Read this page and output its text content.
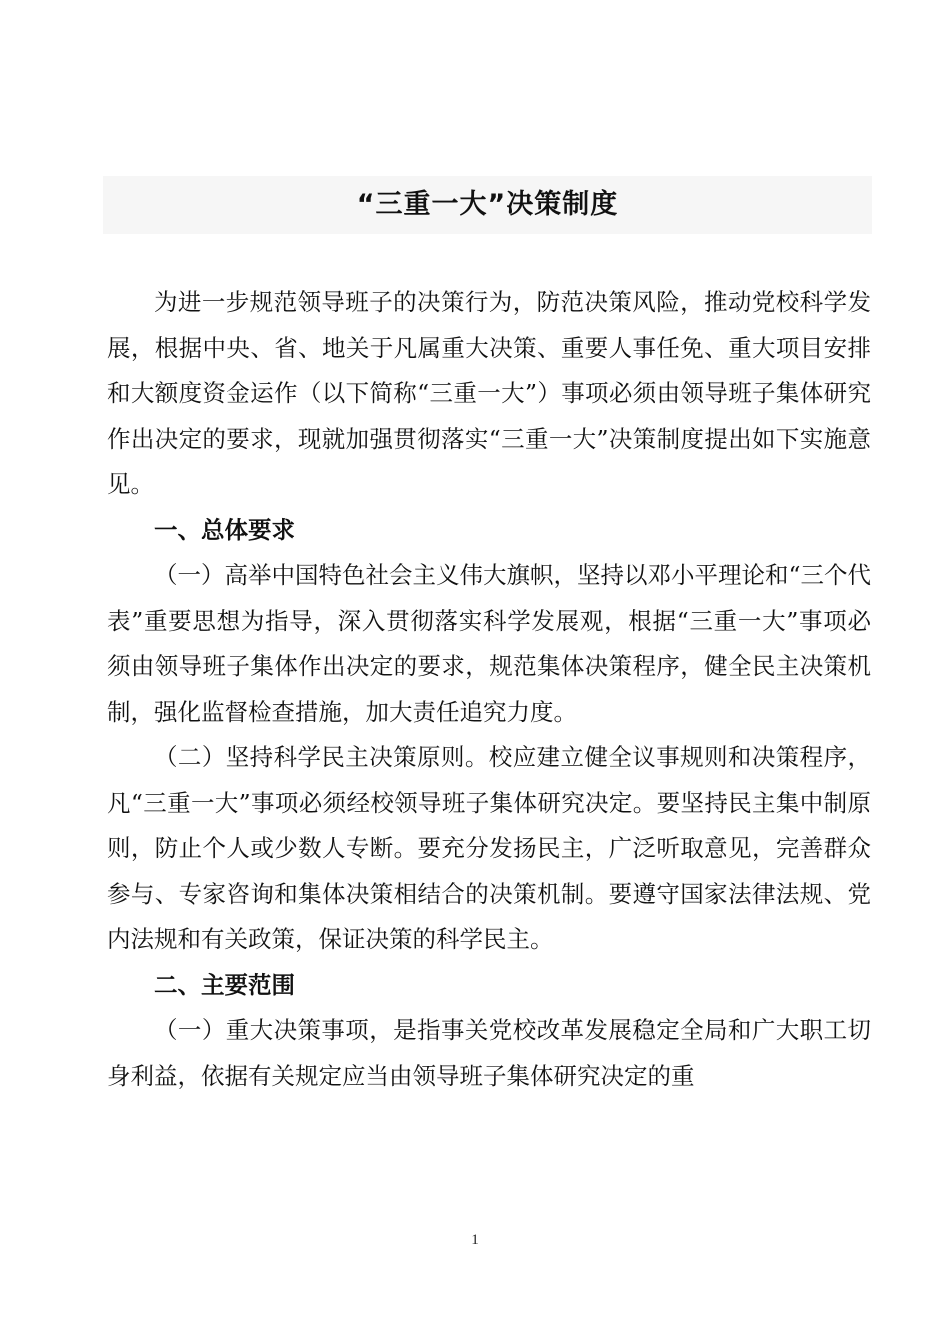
“三重一大”决策制度

为进一步规范领导班子的决策行为，防范决策风险，推动党校科学发展，根据中央、省、地关于凡属重大决策、重要人事任免、重大项目安排和大额度资金运作（以下简称“三重一大”）事项必须由领导班子集体研究作出决定的要求，现就加强贯彻落实“三重一大”决策制度提出如下实施意见。

一、总体要求

（一）高举中国特色社会主义伟大旗帜，坚持以邓小平理论和“三个代表”重要思想为指导，深入贯彻落实科学发展观，根据“三重一大”事项必须由领导班子集体作出决定的要求，规范集体决策程序，健全民主决策机制，强化监督检查措施，加大责任追究力度。

（二）坚持科学民主决策原则。校应建立健全议事规则和决策程序，凡“三重一大”事项必须经校领导班子集体研究决定。要坚持民主集中制原则，防止个人或少数人专断。要充分发扬民主，广泛听取意见，完善群众参与、专家咨询和集体决策相结合的决策机制。要遵守国家法律法规、党内法规和有关政策，保证决策的科学民主。

二、主要范围

（一）重大决策事项，是指事关党校改革发展稳定全局和广大职工切身利益，依据有关规定应当由领导班子集体研究决定的重

1
